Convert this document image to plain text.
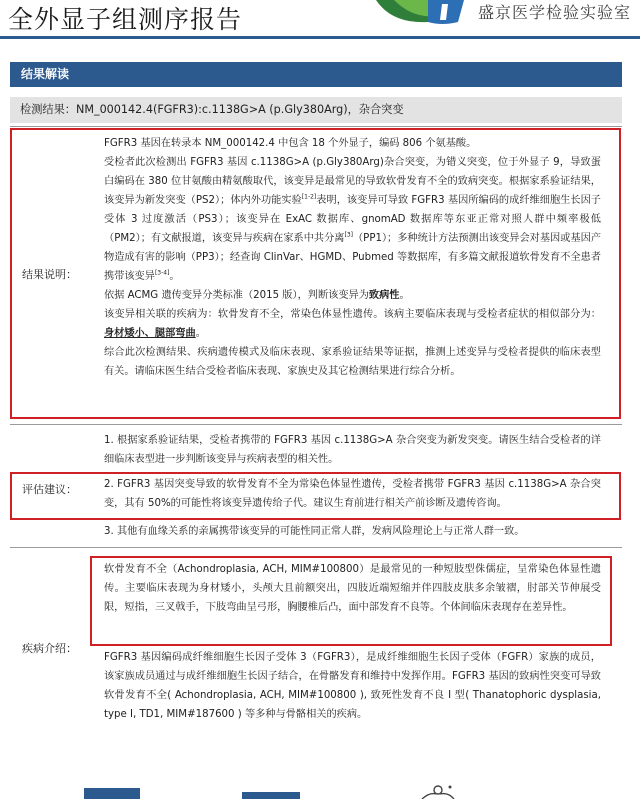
全外显子组测序报告	盛京医学检验实验室
结果解读
检测结果：NM_000142.4(FGFR3):c.1138G>A (p.Gly380Arg)，杂合突变
结果说明：

FGFR3 基因在转录本 NM_000142.4 中包含 18 个外显子，编码 806 个氨基酸。

受检者此次检测出 FGFR3 基因 c.1138G>A (p.Gly380Arg)杂合突变，为错义突变，位于外显子 9，导致蛋白编码在 380 位甘氨酸由精氨酸取代，该变异是最常见的导致软骨发育不全的致病突变。根据家系验证结果，该变异为新发突变（PS2）；体内外功能实验[1-2]表明，该变异可导致 FGFR3 基因所编码的成纤维细胞生长因子受体 3 过度激活（PS3）；该变异在 ExAC 数据库、gnomAD 数据库等东亚正常对照人群中频率极低（PM2）；有文献报道，该变异与疾病在家系中共分离[3]（PP1）；多种统计方法预测出该变异会对基因或基因产物造成有害的影响（PP3）；经查询 ClinVar、HGMD、Pubmed 等数据库，有多篇文献报道软骨发育不全患者携带该变异[3-4]。

依据 ACMG 遗传变异分类标准（2015 版），判断该变异为致病性。

该变异相关联的疾病为：软骨发育不全，常染色体显性遗传。该病主要临床表现与受检者症状的相似部分为：身材矮小、腿部弯曲。

综合此次检测结果、疾病遗传模式及临床表现、家系验证结果等证据，推测上述变异与受检者提供的临床表型有关。请临床医生结合受检者临床表现、家族史及其它检测结果进行综合分析。

1. 根据家系验证结果，受检者携带的 FGFR3 基因 c.1138G>A 杂合突变为新发突变。请医生结合受检者的详细临床表型进一步判断该变异与疾病表型的相关性。
评估建议：	2. FGFR3 基因突变导致的软骨发育不全为常染色体显性遗传，受检者携带 FGFR3 基因 c.1138G>A 杂合突变，其有 50%的可能性将该变异遗传给子代。建议生育前进行相关产前诊断及遗传咨询。
3. 其他有血缘关系的亲属携带该变异的可能性同正常人群，发病风险理论上与正常人群一致。
疾病介绍：
软骨发育不全（Achondroplasia, ACH, MIM#100800）是最常见的一种短肢型侏儒症，呈常染色体显性遗传。主要临床表现为身材矮小，头颅大且前额突出，四肢近端短缩并伴四肢皮肤多余皱褶，肘部关节伸展受限，短指，三叉戟手，下肢弯曲呈弓形，胸腰椎后凸，面中部发育不良等。个体间临床表现存在差异性。
FGFR3 基因编码成纤维细胞生长因子受体 3（FGFR3），是成纤维细胞生长因子受体（FGFR）家族的成员，该家族成员通过与成纤维细胞生长因子结合，在骨骼发育和维持中发挥作用。FGFR3 基因的致病性突变可导致软骨发育不全( Achondroplasia, ACH, MIM#100800 ), 致死性发育不良 I 型( Thanatophoric dysplasia, type I, TD1, MIM#187600 ) 等多种与骨骼相关的疾病。
